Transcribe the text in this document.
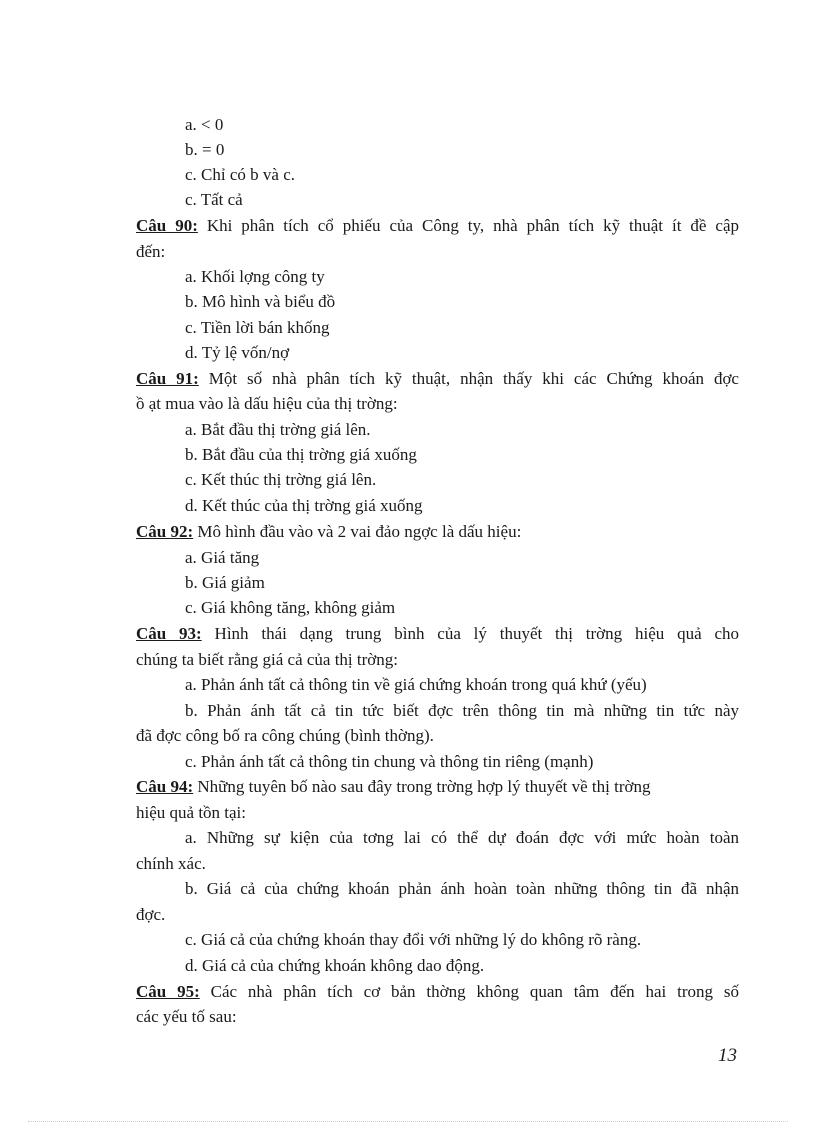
a. < 0
b. = 0
c. Chỉ có b và c.
c. Tất cả
Câu 90: Khi phân tích cổ phiếu của Công ty, nhà phân tích kỹ thuật ít đề cập
đến:
a. Khối lợng công ty
b. Mô hình và biểu đồ
c. Tiền lời bán khống
d. Tỷ lệ vốn/nợ
Câu 91: Một số nhà phân tích kỹ thuật, nhận thấy khi các Chứng khoán đợc
ồ ạt mua vào là dấu hiệu của thị trờng:
a. Bắt đầu thị trờng giá lên.
b. Bắt đầu của thị trờng giá xuống
c. Kết thúc thị trờng giá lên.
d. Kết thúc của thị trờng giá xuống
Câu 92: Mô hình đầu vào và 2 vai đảo ngợc là dấu hiệu:
a. Giá tăng
b. Giá giảm
c. Giá không tăng, không giảm
Câu 93: Hình thái dạng trung bình của lý thuyết thị trờng hiệu quả cho
chúng ta biết rằng giá cả của thị trờng:
a. Phản ánh tất cả thông tin về giá chứng khoán trong quá khứ (yếu)
b. Phản ánh tất cả tin tức biết đợc trên thông tin mà những tin tức này
đã đợc công bố ra công chúng (bình thờng).
c. Phản ánh tất cả thông tin chung và thông tin riêng (mạnh)
Câu 94: Những tuyên bố nào sau đây trong trờng hợp lý thuyết về thị trờng
hiệu quả tồn tại:
a. Những sự kiện của tơng lai có thể dự đoán đợc với mức hoàn toàn
chính xác.
b. Giá cả của chứng khoán phản ánh hoàn toàn những thông tin đã nhận
đợc.
c. Giá cả của chứng khoán thay đổi với những lý do không rõ ràng.
d. Giá cả của chứng khoán không dao động.
Câu 95: Các nhà phân tích cơ bản thờng không quan tâm đến hai trong số
các yếu tố sau:
13
